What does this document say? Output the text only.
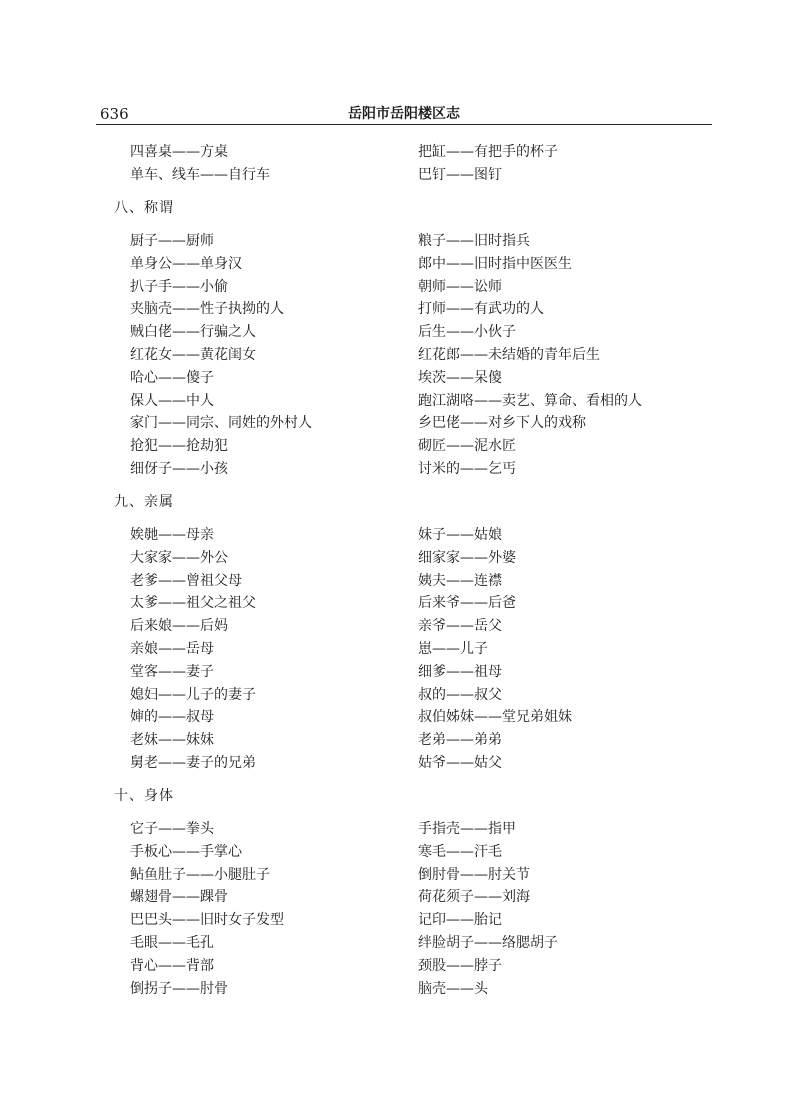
636	岳阳市岳阳楼区志
四喜桌——方桌
单车、线车——自行车
把缸——有把手的杯子
巴钉——图钉
八、称谓
厨子——厨师
单身公——单身汉
扒子手——小偷
夹脑壳——性子执拗的人
贼白佬——行骗之人
红花女——黄花闺女
哈心——傻子
保人——中人
家门——同宗、同姓的外村人
抢犯——抢劫犯
细伢子——小孩
粮子——旧时指兵
郎中——旧时指中医医生
朝师——讼师
打师——有武功的人
后生——小伙子
红花郎——未结婚的青年后生
埃茨——呆傻
跑江湖咯——卖艺、算命、看相的人
乡巴佬——对乡下人的戏称
砌匠——泥水匠
讨米的——乞丐
九、亲属
娭毑——母亲
大家家——外公
老爹——曾祖父母
太爹——祖父之祖父
后来娘——后妈
亲娘——岳母
堂客——妻子
媳妇——儿子的妻子
婶的——叔母
老妹——妹妹
舅老——妻子的兄弟
妹子——姑娘
细家家——外婆
姨夫——连襟
后来爷——后爸
亲爷——岳父
崽——儿子
细爹——祖母
叔的——叔父
叔伯姊妹——堂兄弟姐妹
老弟——弟弟
姑爷——姑父
十、身体
它子——拳头
手板心——手掌心
鲇鱼肚子——小腿肚子
螺翅骨——踝骨
巴巴头——旧时女子发型
毛眼——毛孔
背心——背部
倒拐子——肘骨
手指壳——指甲
寒毛——汗毛
倒肘骨——肘关节
荷花须子——刘海
记印——胎记
绊脸胡子——络腮胡子
颈股——脖子
脑壳——头
